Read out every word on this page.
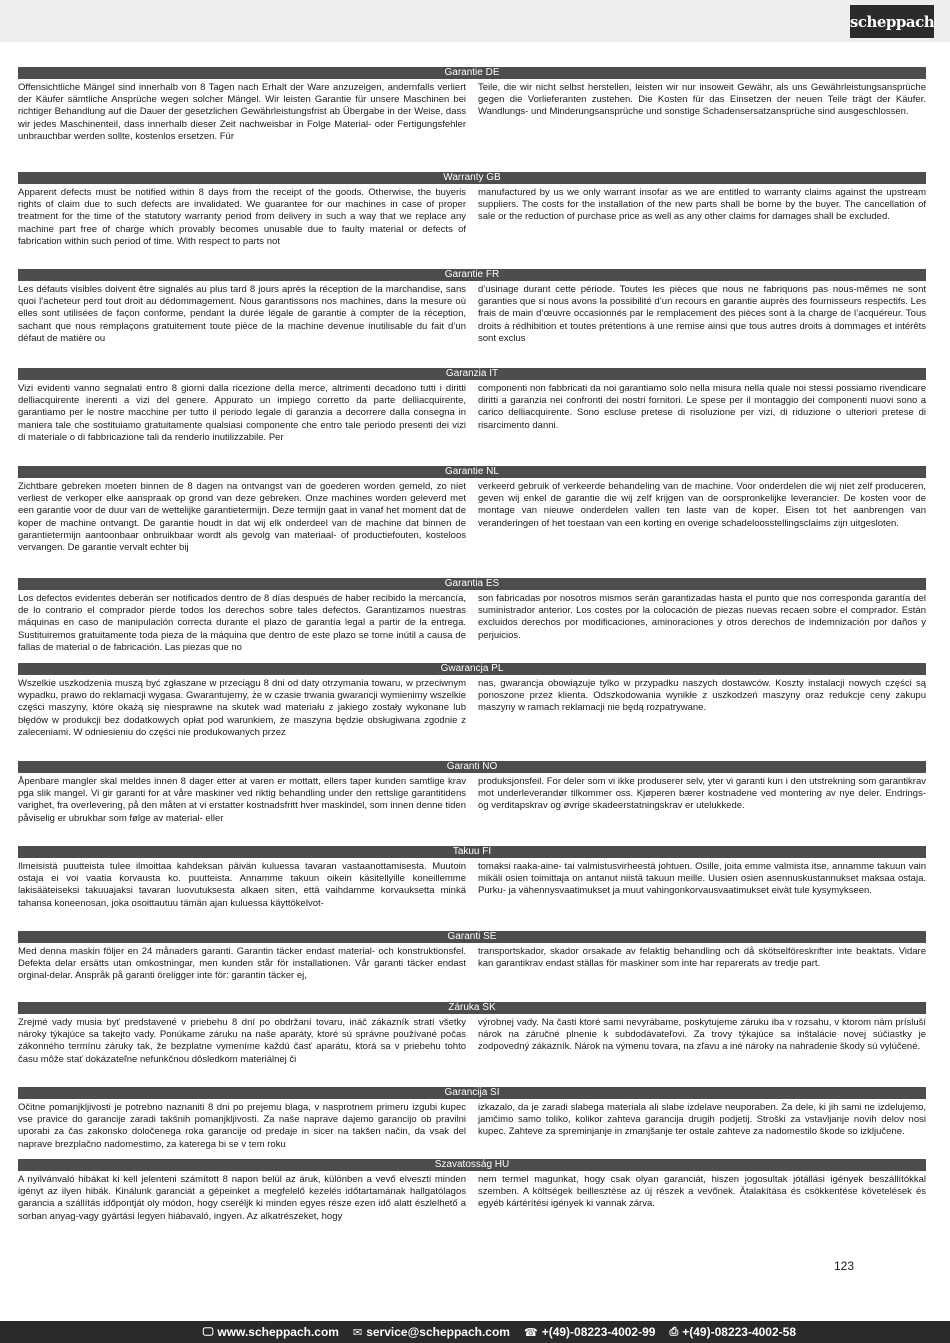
scheppach
Garantie DE

Offensichtliche Mängel sind innerhalb von 8 Tagen nach Erhalt der Ware anzuzeigen, andernfalls verliert der Käufer sämtliche Ansprüche wegen solcher Mängel. Wir leisten Garantie für unsere Maschinen bei richtiger Behandlung auf die Dauer der gesetzlichen Gewährleistungsfrist ab Übergabe in der Weise, dass wir jedes Maschinenteil, dass innerhalb dieser Zeit nachweisbar in Folge Material- oder Fertigungsfehler unbrauchbar werden sollte, kostenlos ersetzen. Für

Teile, die wir nicht selbst herstellen, leisten wir nur insoweit Gewähr, als uns Gewährleistungsansprüche gegen die Vorlieferanten zustehen. Die Kosten für das Einsetzen der neuen Teile trägt der Käufer. Wandlungs- und Minderungsansprüche und sonstige Schadensersatzansprüche sind ausgeschlossen.

Warranty GB

Apparent defects must be notified within 8 days from the receipt of the goods. Otherwise, the buyeris rights of claim due to such defects are invalidated. We guarantee for our machines in case of proper treatment for the time of the statutory warranty period from delivery in such a way that we replace any machine part free of charge which provably becomes unusable due to faulty material or defects of fabrication within such period of time. With respect to parts not

manufactured by us we only warrant insofar as we are entitled to warranty claims against the upstream suppliers. The costs for the installation of the new parts shall be borne by the buyer. The cancellation of sale or the reduction of purchase price as well as any other claims for damages shall be excluded.

Garantie FR

Les défauts visibles doivent être signalés au plus tard 8 jours après la réception de la marchandise, sans quoi l’acheteur perd tout droit au dédommagement. Nous garantissons nos machines, dans la mesure où elles sont utilisées de façon conforme, pendant la durée légale de garantie à compter de la réception, sachant que nous remplaçons gratuitement toute pièce de la machine devenue inutilisable du fait d’un défaut de matière ou

d’usinage durant cette période. Toutes les pièces que nous ne fabriquons pas nous-mêmes ne sont garanties que si nous avons la possibilité d’un recours en garantie auprès des fournisseurs respectifs. Les frais de main d’œuvre occasionnés par le remplacement des pièces sont à la charge de l’acquéreur. Tous droits à rédhibition et toutes prétentions à une remise ainsi que tous autres droits à dommages et intérêts sont exclus

Garanzia IT

Vizi evidenti vanno segnalati entro 8 giorni dalla ricezione della merce, altrimenti decadono tutti i diritti delliacquirente inerenti a vizi del genere. Appurato un impiego corretto da parte delliacquirente, garantiamo per le nostre macchine per tutto il periodo legale di garanzia a decorrere dalla consegna in maniera tale che sostituiamo gratuitamente qualsiasi componente che entro tale periodo presenti dei vizi di materiale o di fabbricazione tali da renderlo inutilizzabile. Per

componenti non fabbricati da noi garantiamo solo nella misura nella quale noi stessi possiamo rivendicare diritti a garanzia nei confronti dei nostri fornitori. Le spese per il montaggio dei componenti nuovi sono a carico delliacquirente. Sono escluse pretese di risoluzione per vizi, di riduzione o ulteriori pretese di risarcimento danni.

Garantie NL

Zichtbare gebreken moeten binnen de 8 dagen na ontvangst van de goederen worden gemeld, zo niet verliest de verkoper elke aanspraak op grond van deze gebreken. Onze machines worden geleverd met een garantie voor de duur van de wettelijke garantietermijn. Deze termijn gaat in vanaf het moment dat de koper de machine ontvangt. De garantie houdt in dat wij elk onderdeel van de machine dat binnen de garantietermijn aantoonbaar onbruikbaar wordt als gevolg van materiaal- of productiefouten, kosteloos vervangen. De garantie vervalt echter bij

verkeerd gebruik of verkeerde behandeling van de machine. Voor onderdelen die wij niet zelf produceren, geven wij enkel de garantie die wij zelf krijgen van de oorspronkelijke leverancier. De kosten voor de montage van nieuwe onderdelen vallen ten laste van de koper. Eisen tot het aanbrengen van veranderingen of het toestaan van een korting en overige schadeloosstellingsclaims zijn uitgesloten.

Garantia ES

Los defectos evidentes deberán ser notificados dentro de 8 días después de haber recibido la mercancía, de lo contrario el comprador pierde todos los derechos sobre tales defectos. Garantizamos nuestras máquinas en caso de manipulación correcta durante el plazo de garantía legal a partir de la entrega. Sustituiremos gratuitamente toda pieza de la máquina que dentro de este plazo se torne inútil a causa de fallas de material o de fabricación. Las piezas que no

son fabricadas por nosotros mismos serán garantizadas hasta el punto que nos corresponda garantía del suministrador anterior. Los costes por la colocación de piezas nuevas recaen sobre el comprador. Están excluidos derechos por modificaciones, aminoraciones y otros derechos de indemnización por daños y perjuicios.

Gwarancja PL

Wszelkie uszkodzenia muszą być zgłaszane w przeciągu 8 dni od daty otrzymania towaru, w przeciwnym wypadku, prawo do reklamacji wygasa. Gwarantujemy, że w czasie trwania gwarancji wymienimy wszelkie części maszyny, które okażą się niesprawne na skutek wad materiału z jakiego zostały wykonane lub błędów w produkcji bez dodatkowych opłat pod warunkiem, że maszyna będzie obsługiwana zgodnie z zaleceniami. W odniesieniu do części nie produkowanych przez

nas, gwarancja obowiązuje tylko w przypadku naszych dostawców. Koszty instalacji nowych części są ponoszone przez klienta. Odszkodowania wynikłe z uszkodzeń maszyny oraz redukcje ceny zakupu maszyny w ramach reklamacji nie będą rozpatrywane.

Garanti NO

Åpenbare mangler skal meldes innen 8 dager etter at varen er mottatt, ellers taper kunden samtlige krav pga slik mangel. Vi gir garanti for at våre maskiner ved riktig behandling under den rettslige garantitidens varighet, fra overlevering, på den måten at vi erstatter kostnadsfritt hver maskindel, som innen denne tiden påviselig er ubrukbar som følge av material- eller

produksjonsfeil. For deler som vi ikke produserer selv, yter vi garanti kun i den utstrekning som garantikrav mot underleverandør tilkommer oss. Kjøperen bærer kostnadene ved montering av nye deler. Endrings- og verditapskrav og øvrige skadeerstatningskrav er utelukkede.

Takuu FI

Ilmeisistä puutteista tulee ilmoittaa kahdeksan päivän kuluessa tavaran vastaanottamisesta. Muutoin ostaja ei voi vaatia korvausta ko. puutteista. Annamme takuun oikein käsitellyille koneillemme lakisääteiseksi takuuajaksi tavaran luovutuksesta alkaen siten, että vaihdamme korvauksetta minkä tahansa koneenosan, joka osoittautuu tämän ajan kuluessa käyttökelvot-

tomaksi raaka-aine- tai valmistusvirheestä johtuen. Osille, joita emme valmista itse, annamme takuun vain mikäli osien toimittaja on antanut niistä takuun meille. Uusien osien asennuskustannukset maksaa ostaja. Purku- ja vähennysvaatimukset ja muut vahingonkorvausvaatimukset eivät tule kysymykseen.

Garanti SE

Med denna maskin följer en 24 månaders garanti. Garantin täcker endast material- och konstruktionsfel. Defekta delar ersätts utan omkostningar, men kunden står för installationen. Vår garanti täcker endast orginal-delar. Anspråk på garanti öreligger inte för: garantin täcker ej,

transportskador, skador orsakade av felaktig behandling och då skötselföreskrifter inte beaktats. Vidare kan garantikrav endast ställas för maskiner som inte har reparerats av tredje part.

Záruka SK

Zrejmé vady musia byť predstavené v priebehu 8 dní po obdržaní tovaru, ináč zákazník stratí všetky nároky týkajúce sa takejto vady. Ponúkame záruku na naše aparáty, ktoré sú správne používané počas zákonného termínu záruky tak, že bezplatne vymeníme každú časť aparátu, ktorá sa v priebehu tohto času môže stať dokázateľne nefunkčnou dôsledkom materiálnej či

výrobnej vady. Na časti ktoré sami nevyrábame, poskytujeme záruku iba v rozsahu, v ktorom nám prísluší nárok na záručné plnenie k subdodávateľovi. Za trovy týkajúce sa inštalácie novej súčiastky je zodpovedný zákazník. Nárok na výmenu tovara, na zľavu a iné nároky na nahradenie škody sú vylúčené.

Garancija SI

Očitne pomanjkljivosti je potrebno naznaniti 8 dni po prejemu blaga, v nasprotnem primeru izgubi kupec vse pravice do garancije zaradi takšnih pomanjkljivosti. Za naše naprave dajemo garancijo ob pravilni uporabi za čas zakonsko določenega roka garancije od predaje in sicer na takšen način, da vsak del naprave brezplačno nadomestimo, za katerega bi se v tem roku

izkazalo, da je zaradi slabega materiala ali slabe izdelave neuporaben. Za dele, ki jih sami ne izdelujemo, jamčimo samo toliko, kolikor zahteva garancija drugih podjetij. Stroški za vstavljanje novih delov nosi kupec. Zahteve za spreminjanje in zmanjšanje ter ostale zahteve za nadomestilo škode so izključene.

Szavatosság HU

A nyilvánvaló hibákat ki kell jelenteni számított 8 napon belül az áruk, különben a vevő elveszti minden igényt az ilyen hibák. Kinálunk garanciát a gépeinket a megfelelő kezelés időtartamának hallgatólagos garancia a szállítás időpontját oly módon, hogy cseréljk ki minden egyes része ezen idő alatt észlelhető a sorban anyag-vagy gyártási legyen hiábavaló, ingyen. Az alkatrészeket, hogy

nem termel magunkat, hogy csak olyan garanciát, hiszen jogosultak jótállási igények beszállítókkal szemben. A költségek beillesztése az új részek a vevőnek. Átalakítása és csökkentése követelések és egyéb kártérítési igények ki vannak zárva.

123
🖵 www.scheppach.com ✉ service@scheppach.com ☎ +(49)-08223-4002-99 ⎙ +(49)-08223-4002-58
